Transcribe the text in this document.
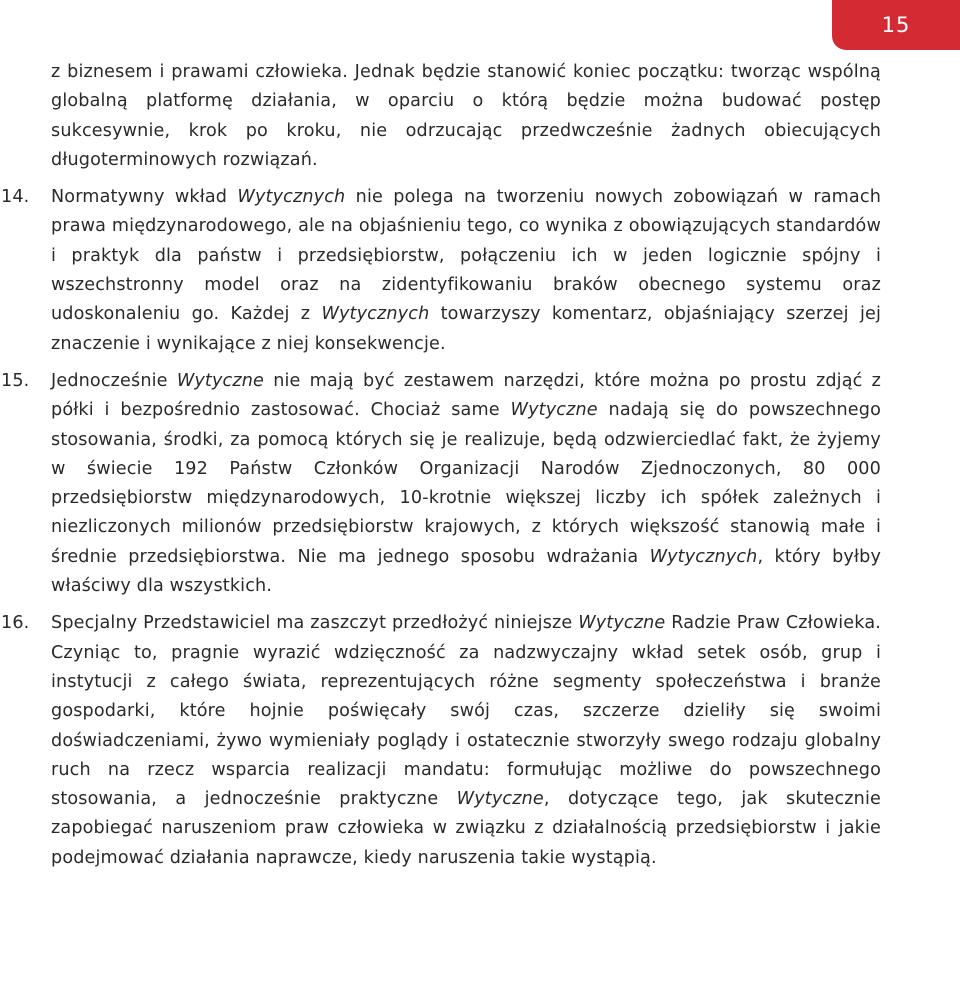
15

z biznesem i prawami człowieka. Jednak będzie stanowić koniec początku: tworząc wspólną globalną platformę działania, w oparciu o którą będzie można budować postęp sukcesywnie, krok po kroku, nie odrzucając przedwcześnie żadnych obiecujących długoterminowych rozwiązań.

14.	Normatywny wkład Wytycznych nie polega na tworzeniu nowych zobowiązań w ramach prawa międzynarodowego, ale na objaśnieniu tego, co wynika z obowiązujących standardów i praktyk dla państw i przedsiębiorstw, połączeniu ich w jeden logicznie spójny i wszechstronny model oraz na zidentyfikowaniu braków obecnego systemu oraz udoskonaleniu go. Każdej z Wytycznych towarzyszy komentarz, objaśniający szerzej jej znaczenie i wynikające z niej konsekwencje.

15.	Jednocześnie Wytyczne nie mają być zestawem narzędzi, które można po prostu zdjąć z półki i bezpośrednio zastosować. Chociaż same Wytyczne nadają się do powszechnego stosowania, środki, za pomocą których się je realizuje, będą odzwierciedlać fakt, że żyjemy w świecie 192 Państw Członków Organizacji Narodów Zjednoczonych, 80 000 przedsiębiorstw międzynarodowych, 10-krotnie większej liczby ich spółek zależnych i niezliczonych milionów przedsiębiorstw krajowych, z których większość stanowią małe i średnie przedsiębiorstwa. Nie ma jednego sposobu wdrażania Wytycznych, który byłby właściwy dla wszystkich.

16.	Specjalny Przedstawiciel ma zaszczyt przedłożyć niniejsze Wytyczne Radzie Praw Człowieka. Czyniąc to, pragnie wyrazić wdzięczność za nadzwyczajny wkład setek osób, grup i instytucji z całego świata, reprezentujących różne segmenty społeczeństwa i branże gospodarki, które hojnie poświęcały swój czas, szczerze dzieliły się swoimi doświadczeniami, żywo wymieniały poglądy i ostatecznie stworzyły swego rodzaju globalny ruch na rzecz wsparcia realizacji mandatu: formułując możliwe do powszechnego stosowania, a jednocześnie praktyczne Wytyczne, dotyczące tego, jak skutecznie zapobiegać naruszeniom praw człowieka w związku z działalnością przedsiębiorstw i jakie podejmować działania naprawcze, kiedy naruszenia takie wystąpią.
